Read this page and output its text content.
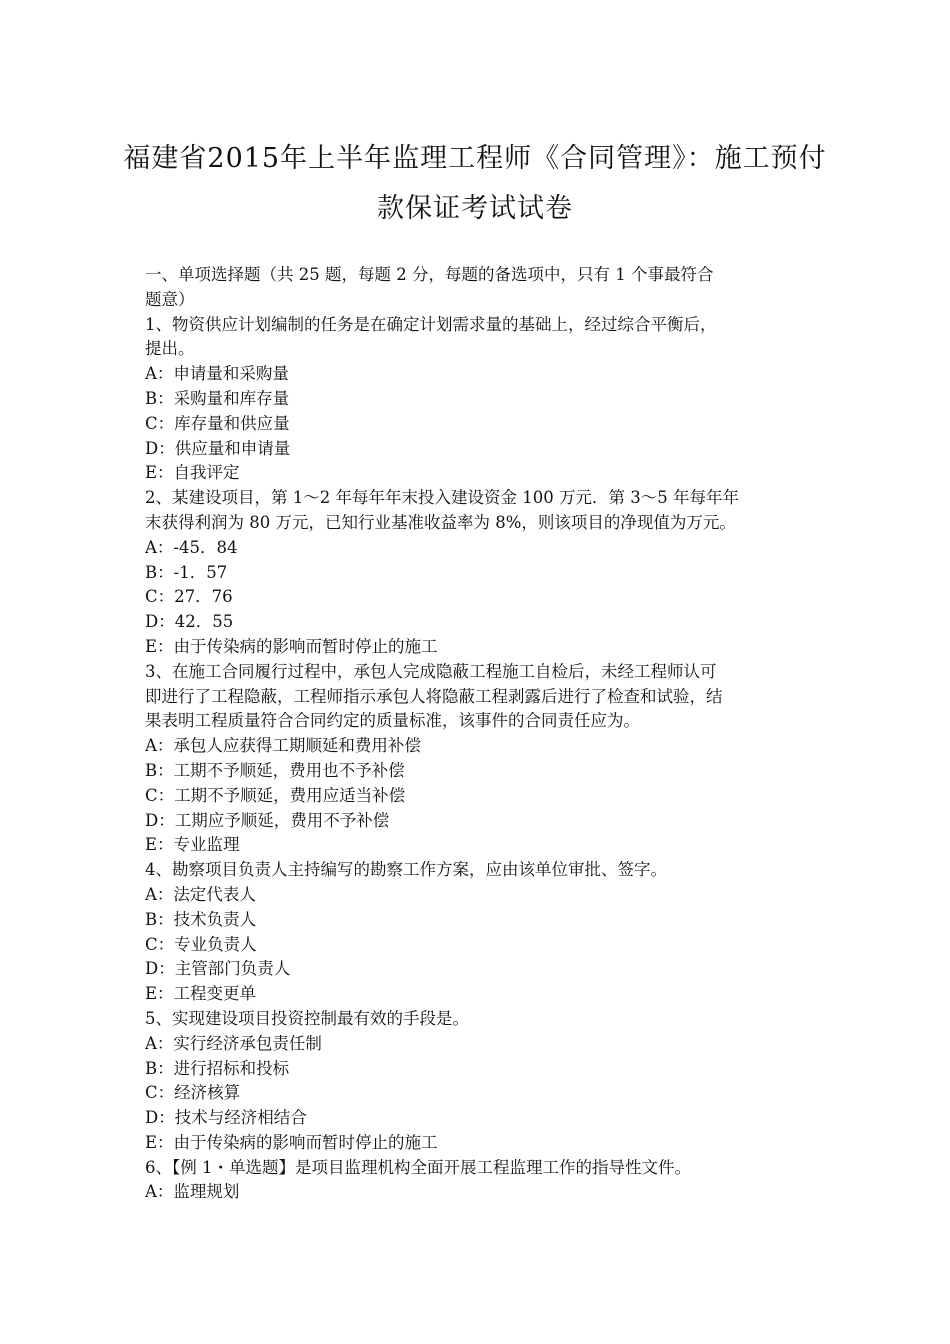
福建省2015年上半年监理工程师《合同管理》：施工预付
款保证考试试卷
一、单项选择题（共 25 题，每题 2 分，每题的备选项中，只有 1 个事最符合
题意）
1、物资供应计划编制的任务是在确定计划需求量的基础上，经过综合平衡后，
提出。
A：申请量和采购量
B：采购量和库存量
C：库存量和供应量
D：供应量和申请量
E：自我评定
2、某建设项目，第 1～2 年每年年末投入建设资金 100 万元．第 3～5 年每年年
末获得利润为 80 万元，已知行业基准收益率为 8%，则该项目的净现值为万元。
A：-45．84
B：-1．57
C：27．76
D：42．55
E：由于传染病的影响而暂时停止的施工
3、在施工合同履行过程中，承包人完成隐蔽工程施工自检后，未经工程师认可
即进行了工程隐蔽，工程师指示承包人将隐蔽工程剥露后进行了检查和试验，结
果表明工程质量符合合同约定的质量标准，该事件的合同责任应为。
A：承包人应获得工期顺延和费用补偿
B：工期不予顺延，费用也不予补偿
C：工期不予顺延，费用应适当补偿
D：工期应予顺延，费用不予补偿
E：专业监理
4、勘察项目负责人主持编写的勘察工作方案，应由该单位审批、签字。
A：法定代表人
B：技术负责人
C：专业负责人
D：主管部门负责人
E：工程变更单
5、实现建设项目投资控制最有效的手段是。
A：实行经济承包责任制
B：进行招标和投标
C：经济核算
D：技术与经济相结合
E：由于传染病的影响而暂时停止的施工
6、【例 1・单选题】是项目监理机构全面开展工程监理工作的指导性文件。
A：监理规划
